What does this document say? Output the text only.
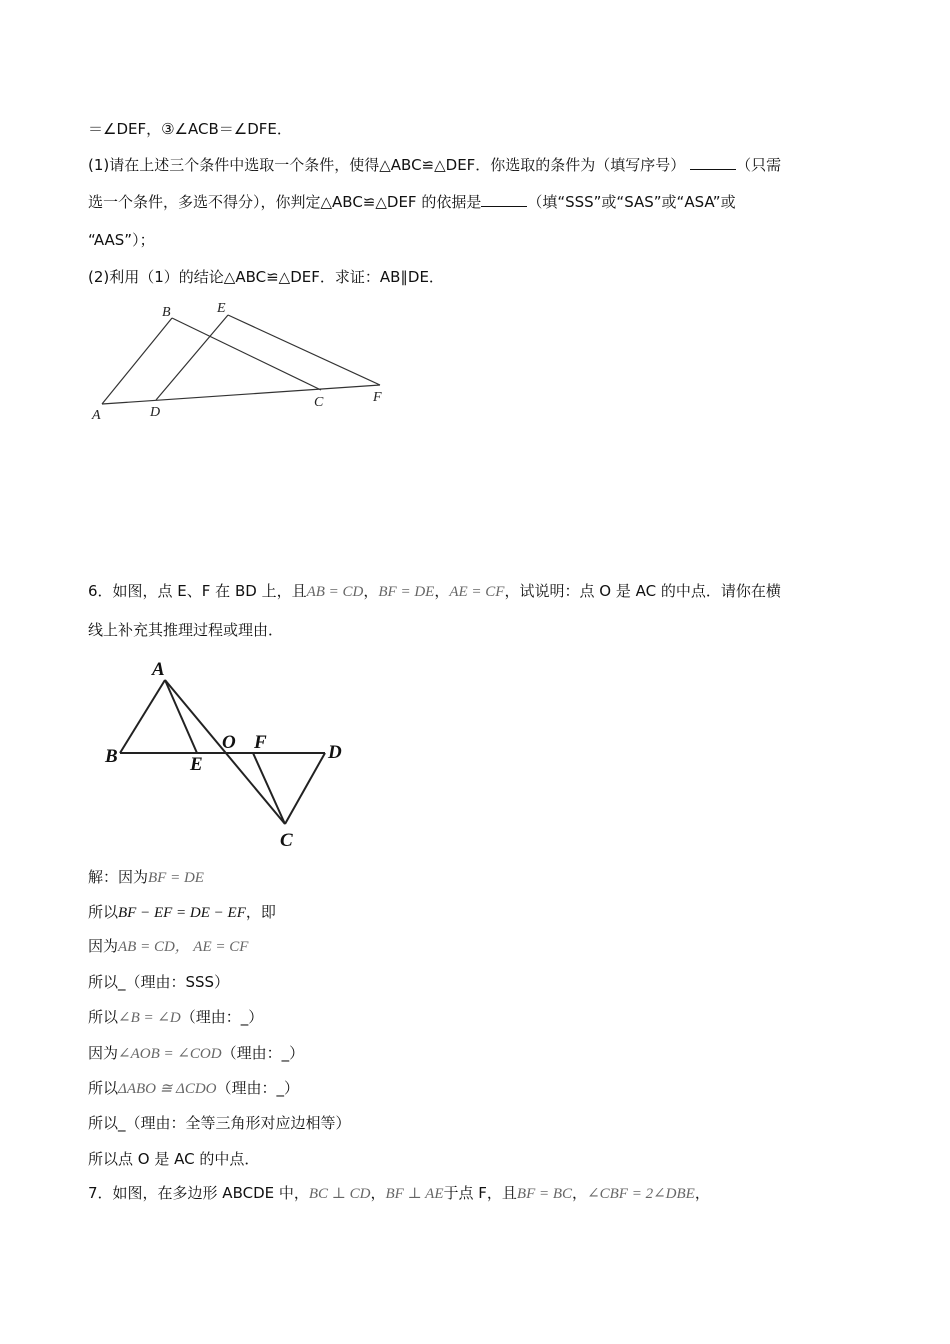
＝∠DEF，③∠ACB＝∠DFE．
(1)请在上述三个条件中选取一个条件，使得△ABC≌△DEF．你选取的条件为（填写序号）	（只需
选一个条件，多选不得分），你判定△ABC≌△DEF 的依据是	（填“SSS”或“SAS”或“ASA”或
“AAS”）；
(2)利用（1）的结论△ABC≌△DEF．求证：AB∥DE．
A
B
C
D
E
F
6．如图，点 E、F 在 BD 上，且AB = CD，BF = DE，AE = CF，试说明：点 O 是 AC 的中点．请你在横
线上补充其推理过程或理由．
A
B	E
O F	D
C
解：因为BF = DE
所以BF − EF = DE − EF，即
因为AB = CD， AE = CF
所以_（理由：SSS）
所以∠B = ∠D（理由：_）
因为∠AOB = ∠COD（理由：_）
所以ΔABO ≅ ΔCDO（理由：_）
所以_（理由：全等三角形对应边相等）
所以点 O 是 AC 的中点．
7．如图，在多边形 ABCDE 中，BC ⊥ CD，BF ⊥ AE于点 F，且BF = BC，∠CBF = 2∠DBE，
